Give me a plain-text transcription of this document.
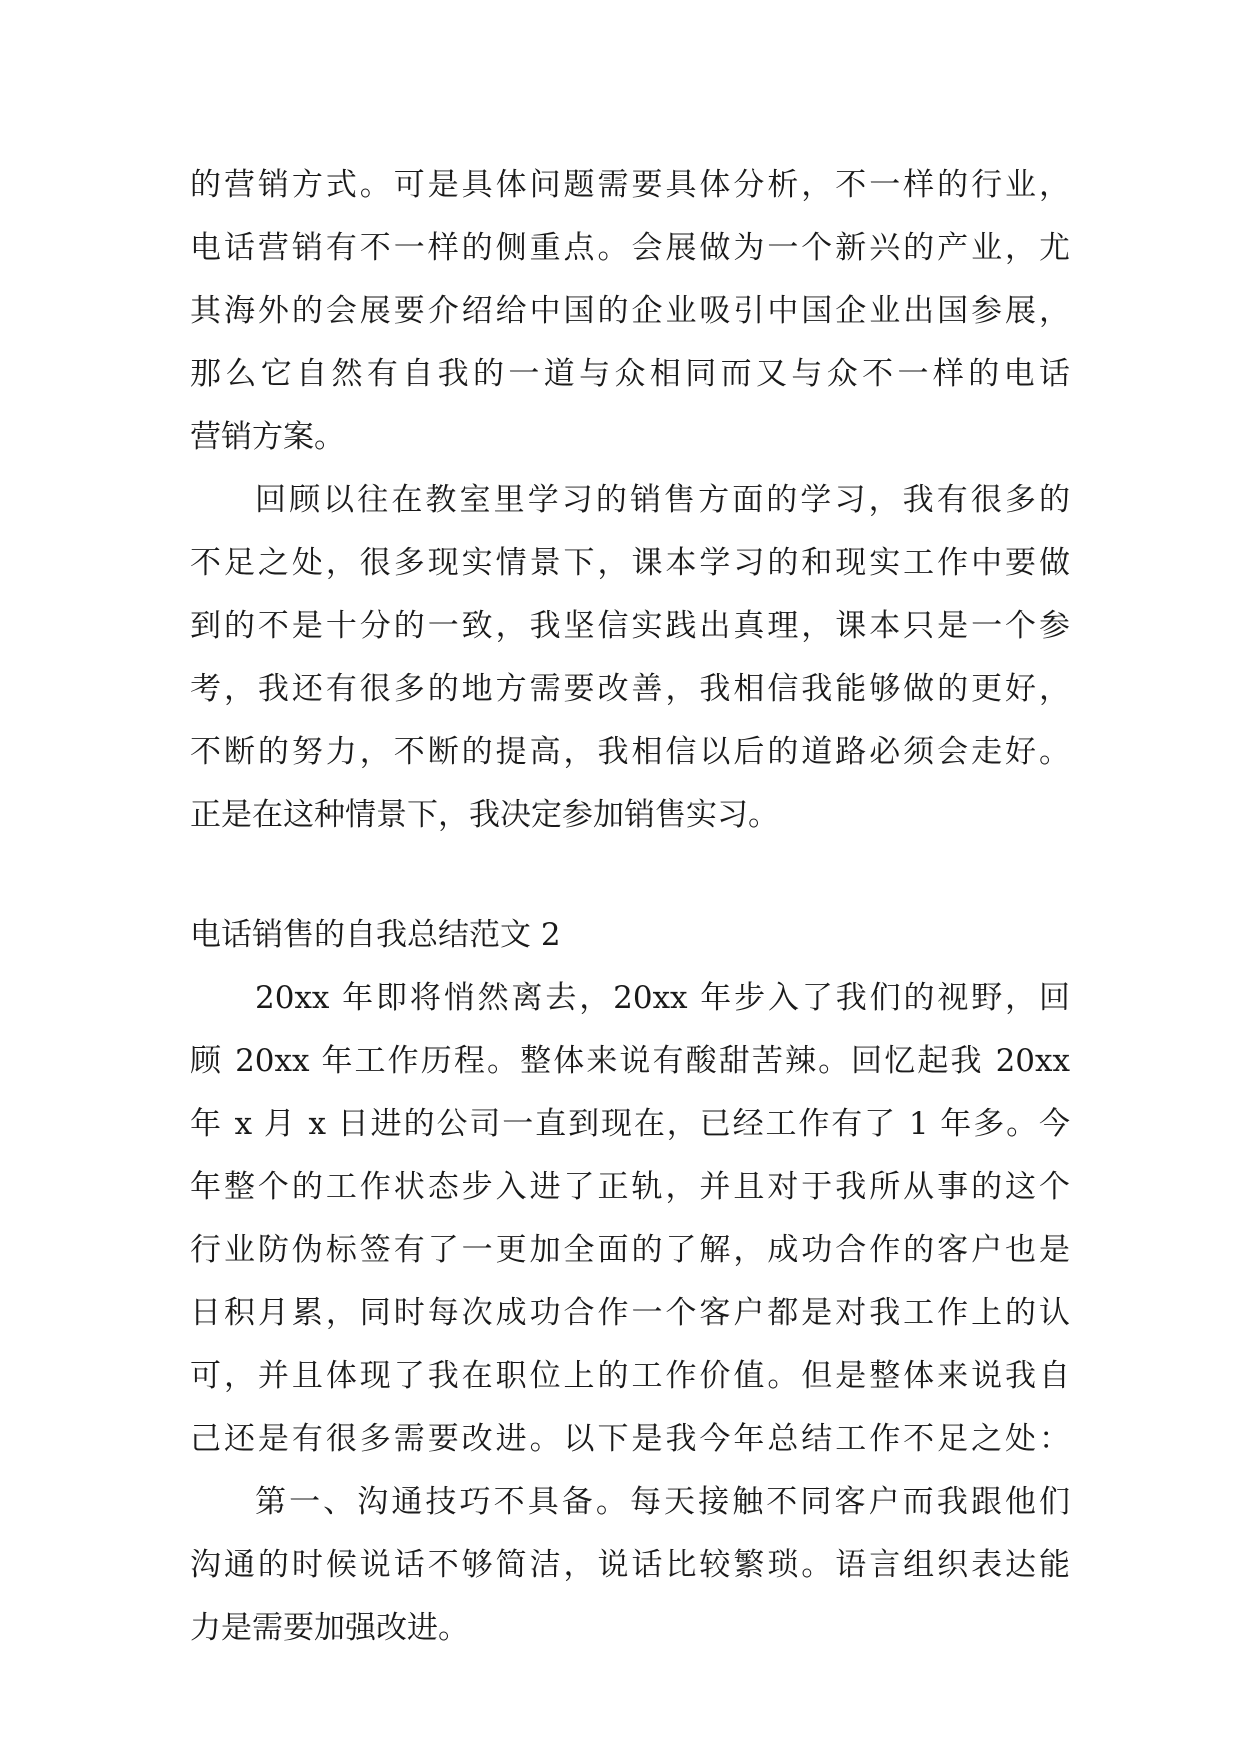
的营销方式。可是具体问题需要具体分析，不一样的行业，
电话营销有不一样的侧重点。会展做为一个新兴的产业，尤
其海外的会展要介绍给中国的企业吸引中国企业出国参展，
那么它自然有自我的一道与众相同而又与众不一样的电话
营销方案。
回顾以往在教室里学习的销售方面的学习，我有很多的
不足之处，很多现实情景下，课本学习的和现实工作中要做
到的不是十分的一致，我坚信实践出真理，课本只是一个参
考，我还有很多的地方需要改善，我相信我能够做的更好，
不断的努力，不断的提高，我相信以后的道路必须会走好。
正是在这种情景下，我决定参加销售实习。
电话销售的自我总结范文 2
20xx 年即将悄然离去，20xx 年步入了我们的视野，回
顾 20xx 年工作历程。整体来说有酸甜苦辣。回忆起我 20xx
年 x 月 x 日进的公司一直到现在，已经工作有了 1 年多。今
年整个的工作状态步入进了正轨，并且对于我所从事的这个
行业防伪标签有了一更加全面的了解，成功合作的客户也是
日积月累，同时每次成功合作一个客户都是对我工作上的认
可，并且体现了我在职位上的工作价值。但是整体来说我自
己还是有很多需要改进。以下是我今年总结工作不足之处：
第一、沟通技巧不具备。每天接触不同客户而我跟他们
沟通的时候说话不够简洁，说话比较繁琐。语言组织表达能
力是需要加强改进。
